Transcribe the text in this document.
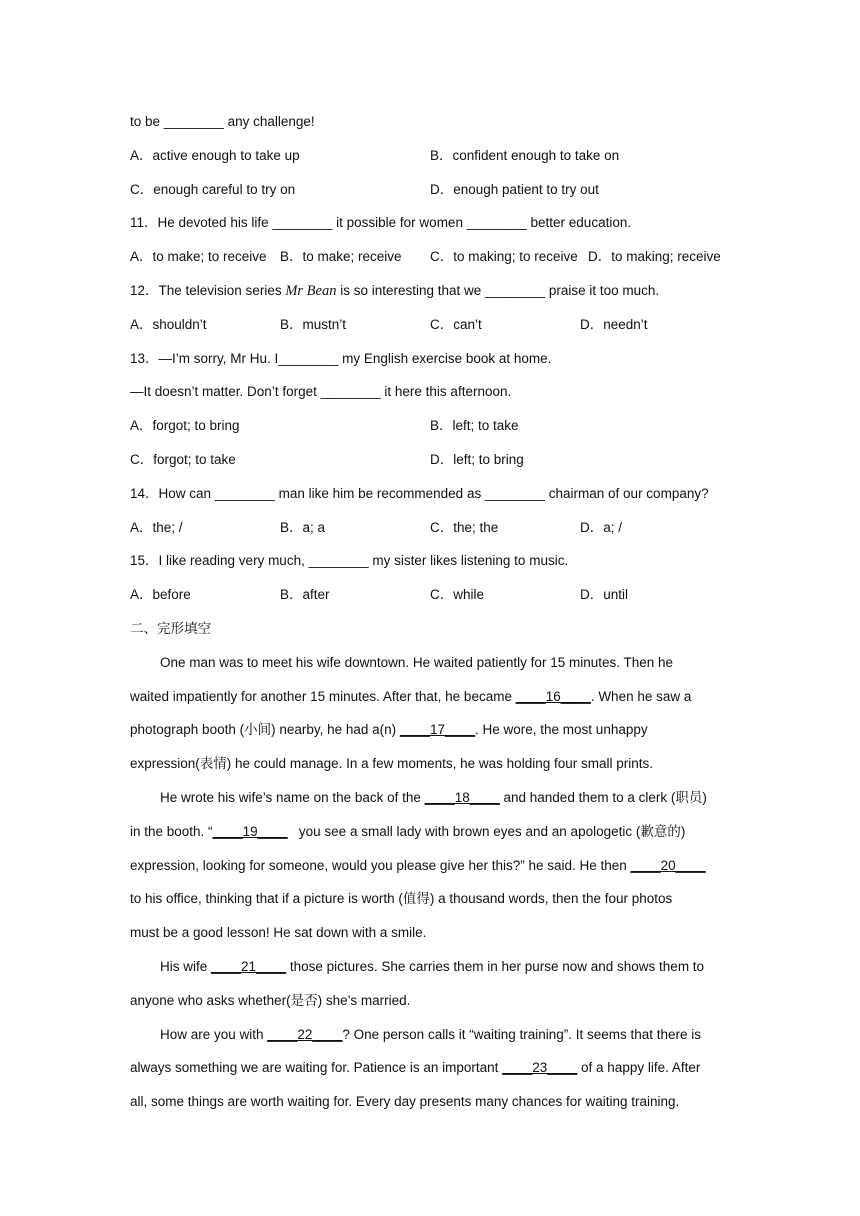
to be ________ any challenge!
A．active enough to take up	B．confident enough to take on
C．enough careful to try on	D．enough patient to try out
11．He devoted his life ________ it possible for women ________ better education.
A．to make; to receive B．to make; receive C．to making; to receive D．to making; receive
12．The television series Mr Bean is so interesting that we ________ praise it too much.
A．shouldn’t	B．mustn’t	C．can’t	D．needn’t
13．—I’m sorry, Mr Hu. I________ my English exercise book at home.
—It doesn’t matter. Don’t forget ________ it here this afternoon.
A．forgot; to bring	B．left; to take
C．forgot; to take	D．left; to bring
14．How can ________ man like him be recommended as ________ chairman of our company?
A．the; /	B．a; a	C．the; the	D．a; /
15．I like reading very much, ________ my sister likes listening to music.
A．before	B．after	C．while	D．until
二、完形填空
One man was to meet his wife downtown. He waited patiently for 15 minutes. Then he
waited impatiently for another 15 minutes. After that, he became ____16____. When he saw a
photograph booth (小间) nearby, he had a(n) ____17____. He wore, the most unhappy
expression(表情) he could manage. In a few moments, he was holding four small prints.
He wrote his wife’s name on the back of the ____18____ and handed them to a clerk (职员)
in the booth. “____19____   you see a small lady with brown eyes and an apologetic (歉意的)
expression, looking for someone, would you please give her this?” he said. He then ____20____
to his office, thinking that if a picture is worth (值得) a thousand words, then the four photos
must be a good lesson! He sat down with a smile.
His wife ____21____ those pictures. She carries them in her purse now and shows them to
anyone who asks whether(是否) she’s married.
How are you with ____22____? One person calls it “waiting training”. It seems that there is
always something we are waiting for. Patience is an important ____23____ of a happy life. After
all, some things are worth waiting for. Every day presents many chances for waiting training.
